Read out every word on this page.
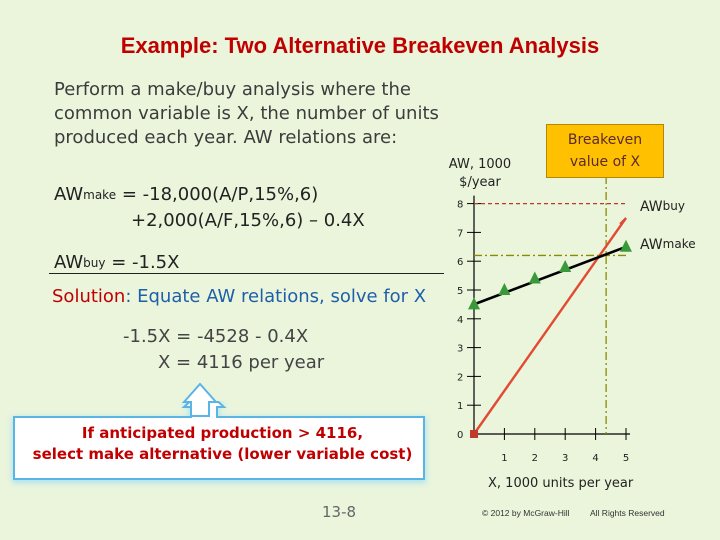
Example: Two Alternative Breakeven Analysis
Perform a make/buy analysis where the common variable is X, the number of units produced each year. AW relations are:
$AW_{make} = -18,000(A/P,15\%,6)$
+2,000(A/F,15%,6) – 0.4X
$AW_{buy} = -1.5X$
Solution: Equate AW relations, solve for X
-1.5X = -4528 - 0.4X
X = 4116 per year
If anticipated production > 4116,
select make alternative (lower variable cost)
0
1
2
3
4
5
6
7
8
1 2 3 4 5
Breakeven value of X
AW, 1000 $/year
X, 1000 units per year
$AW_{buy}$
$AW_{make}$
13-8	© 2012 by McGraw-Hill All Rights Reserved
